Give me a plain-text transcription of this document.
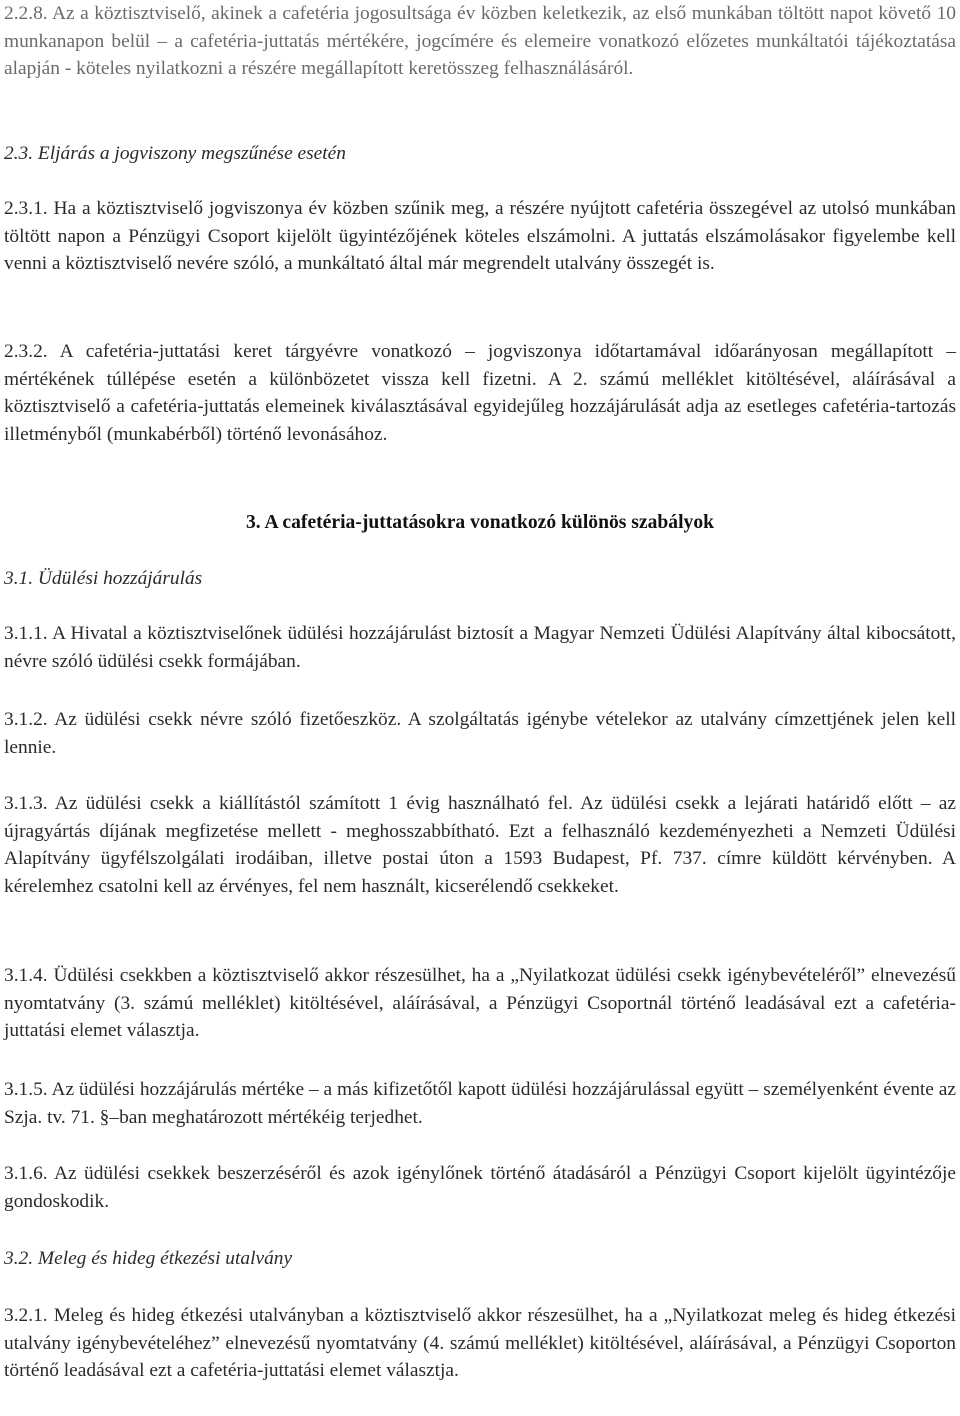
2.2.8. Az a köztisztviselő, akinek a cafetéria jogosultsága év közben keletkezik, az első munkában töltött napot követő 10 munkanapon belül – a cafetéria-juttatás mértékére, jogcímére és elemeire vonatkozó előzetes munkáltatói tájékoztatása alapján - köteles nyilatkozni a részére megállapított keretösszeg felhasználásáról.

2.3. Eljárás a jogviszony megszűnése esetén

2.3.1. Ha a köztisztviselő jogviszonya év közben szűnik meg, a részére nyújtott cafetéria összegével az utolsó munkában töltött napon a Pénzügyi Csoport kijelölt ügyintézőjének köteles elszámolni. A juttatás elszámolásakor figyelembe kell venni a köztisztviselő nevére szóló, a munkáltató által már megrendelt utalvány összegét is.

2.3.2. A cafetéria-juttatási keret tárgyévre vonatkozó – jogviszonya időtartamával időarányosan megállapított – mértékének túllépése esetén a különbözetet vissza kell fizetni. A 2. számú melléklet kitöltésével, aláírásával a köztisztviselő a cafetéria-juttatás elemeinek kiválasztásával egyidejűleg hozzájárulását adja az esetleges cafetéria-tartozás illetményből (munkabérből) történő levonásához.

3. A cafetéria-juttatásokra vonatkozó különös szabályok

3.1. Üdülési hozzájárulás

3.1.1. A Hivatal a köztisztviselőnek üdülési hozzájárulást biztosít a Magyar Nemzeti Üdülési Alapítvány által kibocsátott, névre szóló üdülési csekk formájában.

3.1.2. Az üdülési csekk névre szóló fizetőeszköz. A szolgáltatás igénybe vételekor az utalvány címzettjének jelen kell lennie.

3.1.3. Az üdülési csekk a kiállítástól számított 1 évig használható fel. Az üdülési csekk a lejárati határidő előtt – az újragyártás díjának megfizetése mellett - meghosszabbítható. Ezt a felhasználó kezdeményezheti a Nemzeti Üdülési Alapítvány ügyfélszolgálati irodáiban, illetve postai úton a 1593 Budapest, Pf. 737. címre küldött kérvényben. A kérelemhez csatolni kell az érvényes, fel nem használt, kicserélendő csekkeket.

3.1.4. Üdülési csekkben a köztisztviselő akkor részesülhet, ha a „Nyilatkozat üdülési csekk igénybevételéről” elnevezésű nyomtatvány (3. számú melléklet) kitöltésével, aláírásával, a Pénzügyi Csoportnál történő leadásával ezt a cafetéria-juttatási elemet választja.

3.1.5. Az üdülési hozzájárulás mértéke – a más kifizetőtől kapott üdülési hozzájárulással együtt – személyenként évente az Szja. tv. 71. §–ban meghatározott mértékéig terjedhet.

3.1.6. Az üdülési csekkek beszerzéséről és azok igénylőnek történő átadásáról a Pénzügyi Csoport kijelölt ügyintézője gondoskodik.

3.2. Meleg és hideg étkezési utalvány

3.2.1. Meleg és hideg étkezési utalványban a köztisztviselő akkor részesülhet, ha a „Nyilatkozat meleg és hideg étkezési utalvány igénybevételéhez” elnevezésű nyomtatvány (4. számú melléklet) kitöltésével, aláírásával, a Pénzügyi Csoporton történő leadásával ezt a cafetéria-juttatási elemet választja.
